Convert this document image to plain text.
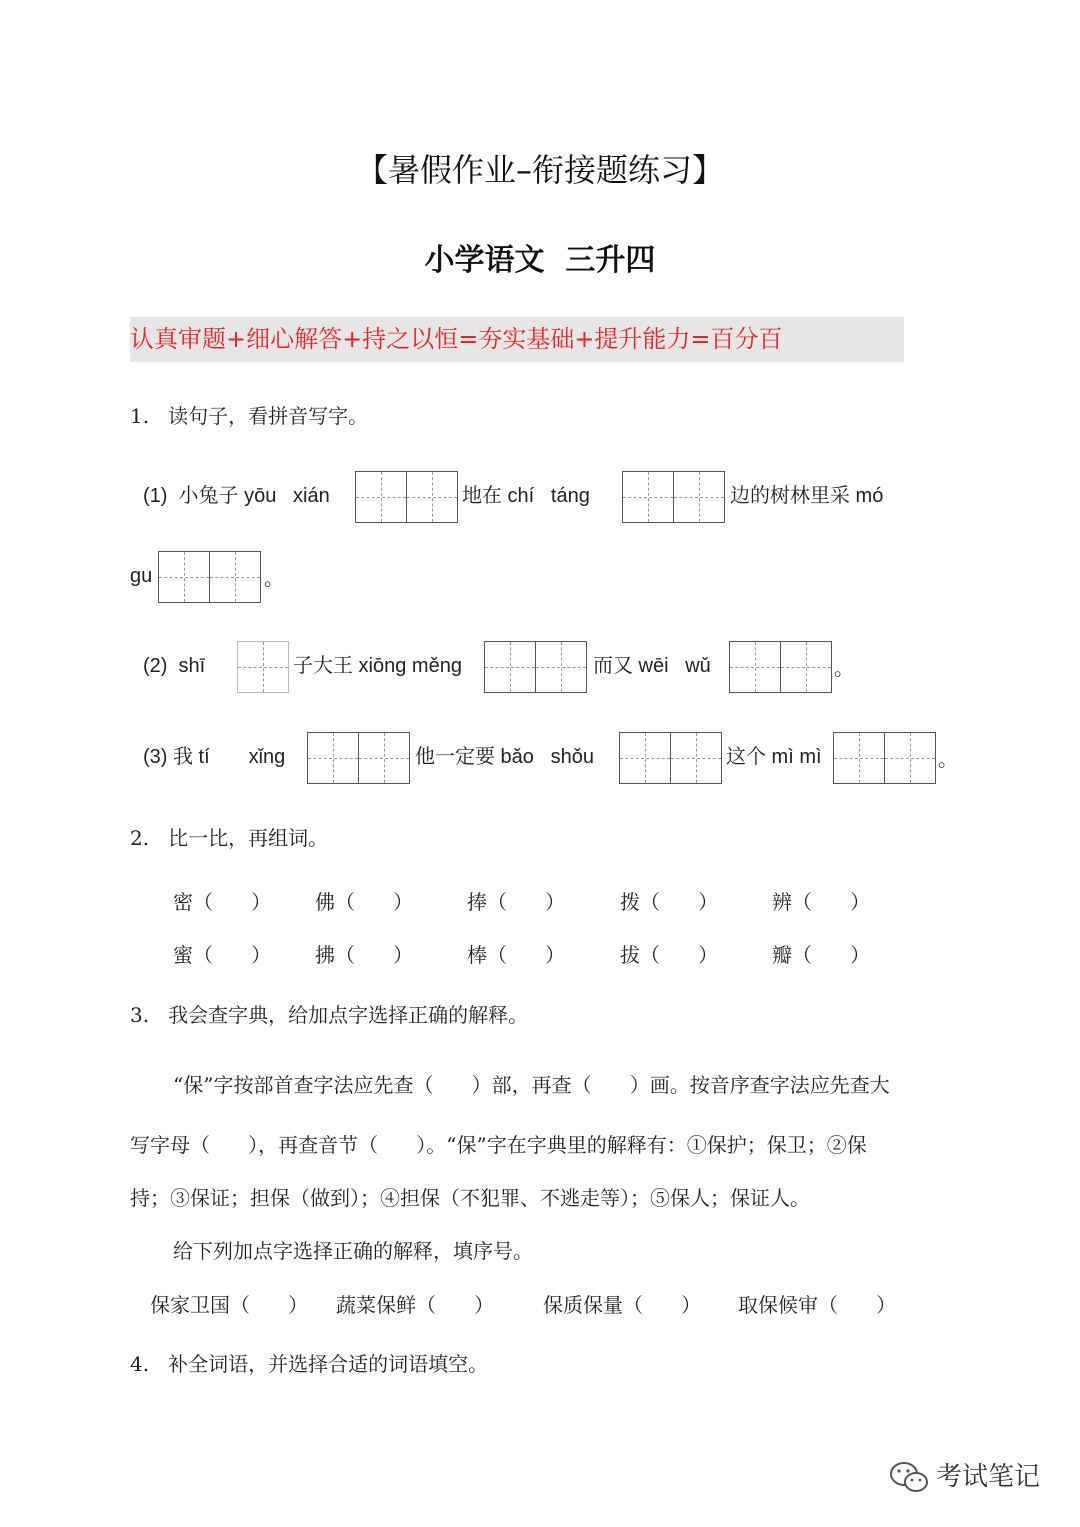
【暑假作业–衔接题练习】
小学语文  三升四
认真审题+细心解答+持之以恒=夯实基础+提升能力=百分百
1.   读句子，看拼音写字。
(1)  小兔子 yōu   xián	地在 chí   táng	边的树林里采 mó
gu	。
(2)  shī	子大王 xiōng měng	而又 wēi   wǔ	。
(3) 我 tí       xǐng	他一定要 bǎo   shǒu	这个 mì mì	。
2.   比一比，再组词。
密（      ） 佛（      ）	捧（      ）	拨（      ）	辨（      ）
蜜（      ） 拂（      ）	棒（      ）	拔（      ）	瓣（      ）
3.   我会查字典，给加点字选择正确的解释。
“保”字按部首查字法应先查（      ）部，再查（      ）画。按音序查字法应先查大
写字母（      ），再查音节（      ）。“保”字在字典里的解释有：①保护；保卫；②保
持；③保证；担保（做到）；④担保（不犯罪、不逃走等）；⑤保人；保证人。
给下列加点字选择正确的解释，填序号。
保家卫国（      ） 蔬菜保鲜（      ） 保质保量（      ） 取保候审（      ）
4.   补全词语，并选择合适的词语填空。
考试笔记
